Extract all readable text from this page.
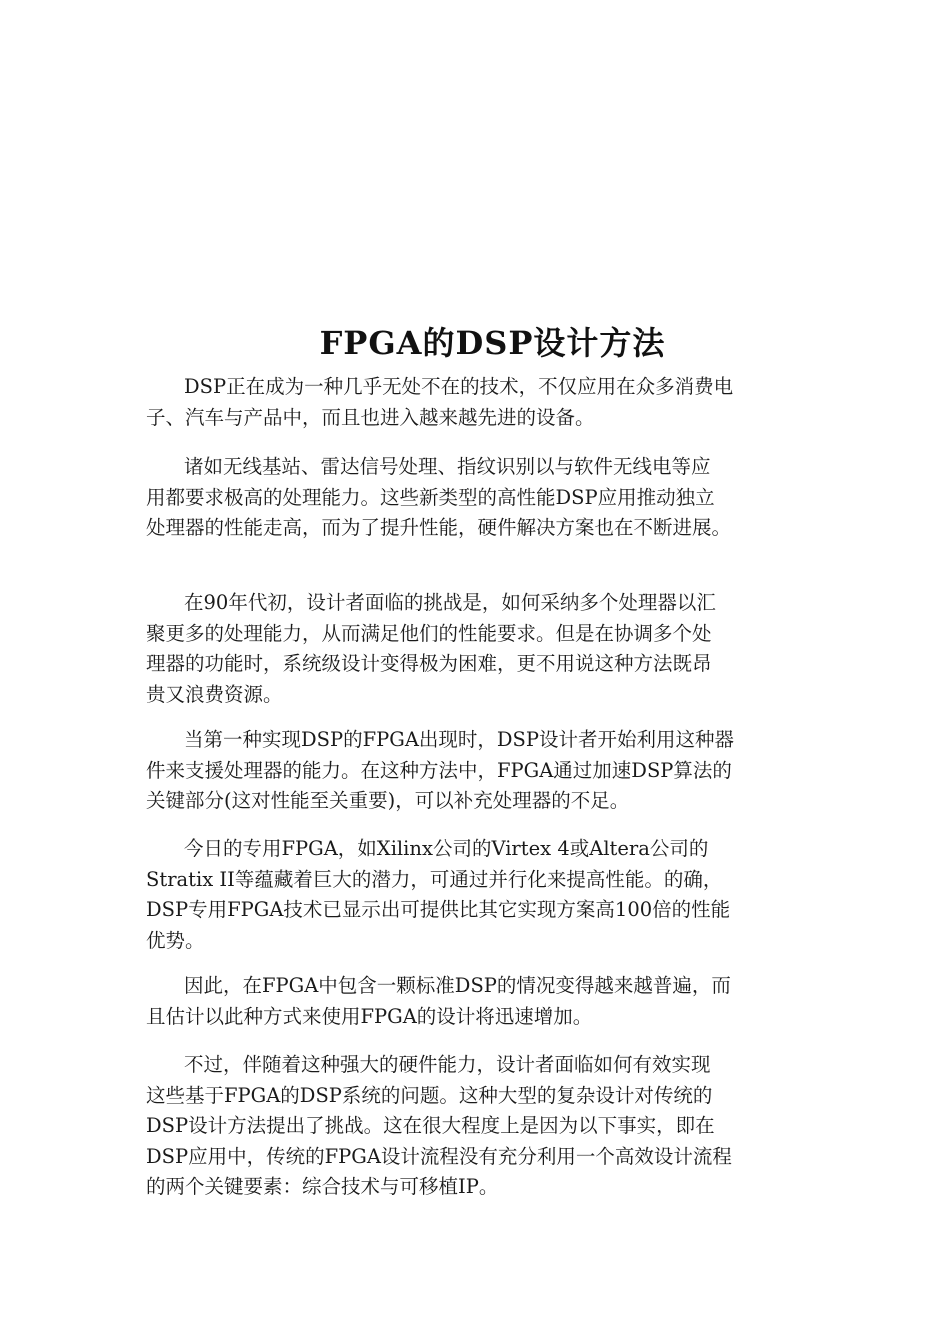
FPGA的DSP设计方法

DSP正在成为一种几乎无处不在的技术，不仅应用在众多消费电
子、汽车与产品中，而且也进入越来越先进的设备。

诸如无线基站、雷达信号处理、指纹识别以与软件无线电等应
用都要求极高的处理能力。这些新类型的高性能DSP应用推动独立
处理器的性能走高，而为了提升性能，硬件解决方案也在不断进展。

在90年代初，设计者面临的挑战是，如何采纳多个处理器以汇
聚更多的处理能力，从而满足他们的性能要求。但是在协调多个处
理器的功能时，系统级设计变得极为困难，更不用说这种方法既昂
贵又浪费资源。

当第一种实现DSP的FPGA出现时，DSP设计者开始利用这种器
件来支援处理器的能力。在这种方法中，FPGA通过加速DSP算法的
关键部分(这对性能至关重要)，可以补充处理器的不足。

今日的专用FPGA，如Xilinx公司的Virtex 4或Altera公司的
Stratix II等蕴藏着巨大的潜力，可通过并行化来提高性能。的确，
DSP专用FPGA技术已显示出可提供比其它实现方案高100倍的性能
优势。

因此，在FPGA中包含一颗标准DSP的情况变得越来越普遍，而
且估计以此种方式来使用FPGA的设计将迅速增加。

不过，伴随着这种强大的硬件能力，设计者面临如何有效实现
这些基于FPGA的DSP系统的问题。这种大型的复杂设计对传统的
DSP设计方法提出了挑战。这在很大程度上是因为以下事实，即在
DSP应用中，传统的FPGA设计流程没有充分利用一个高效设计流程
的两个关键要素：综合技术与可移植IP。
